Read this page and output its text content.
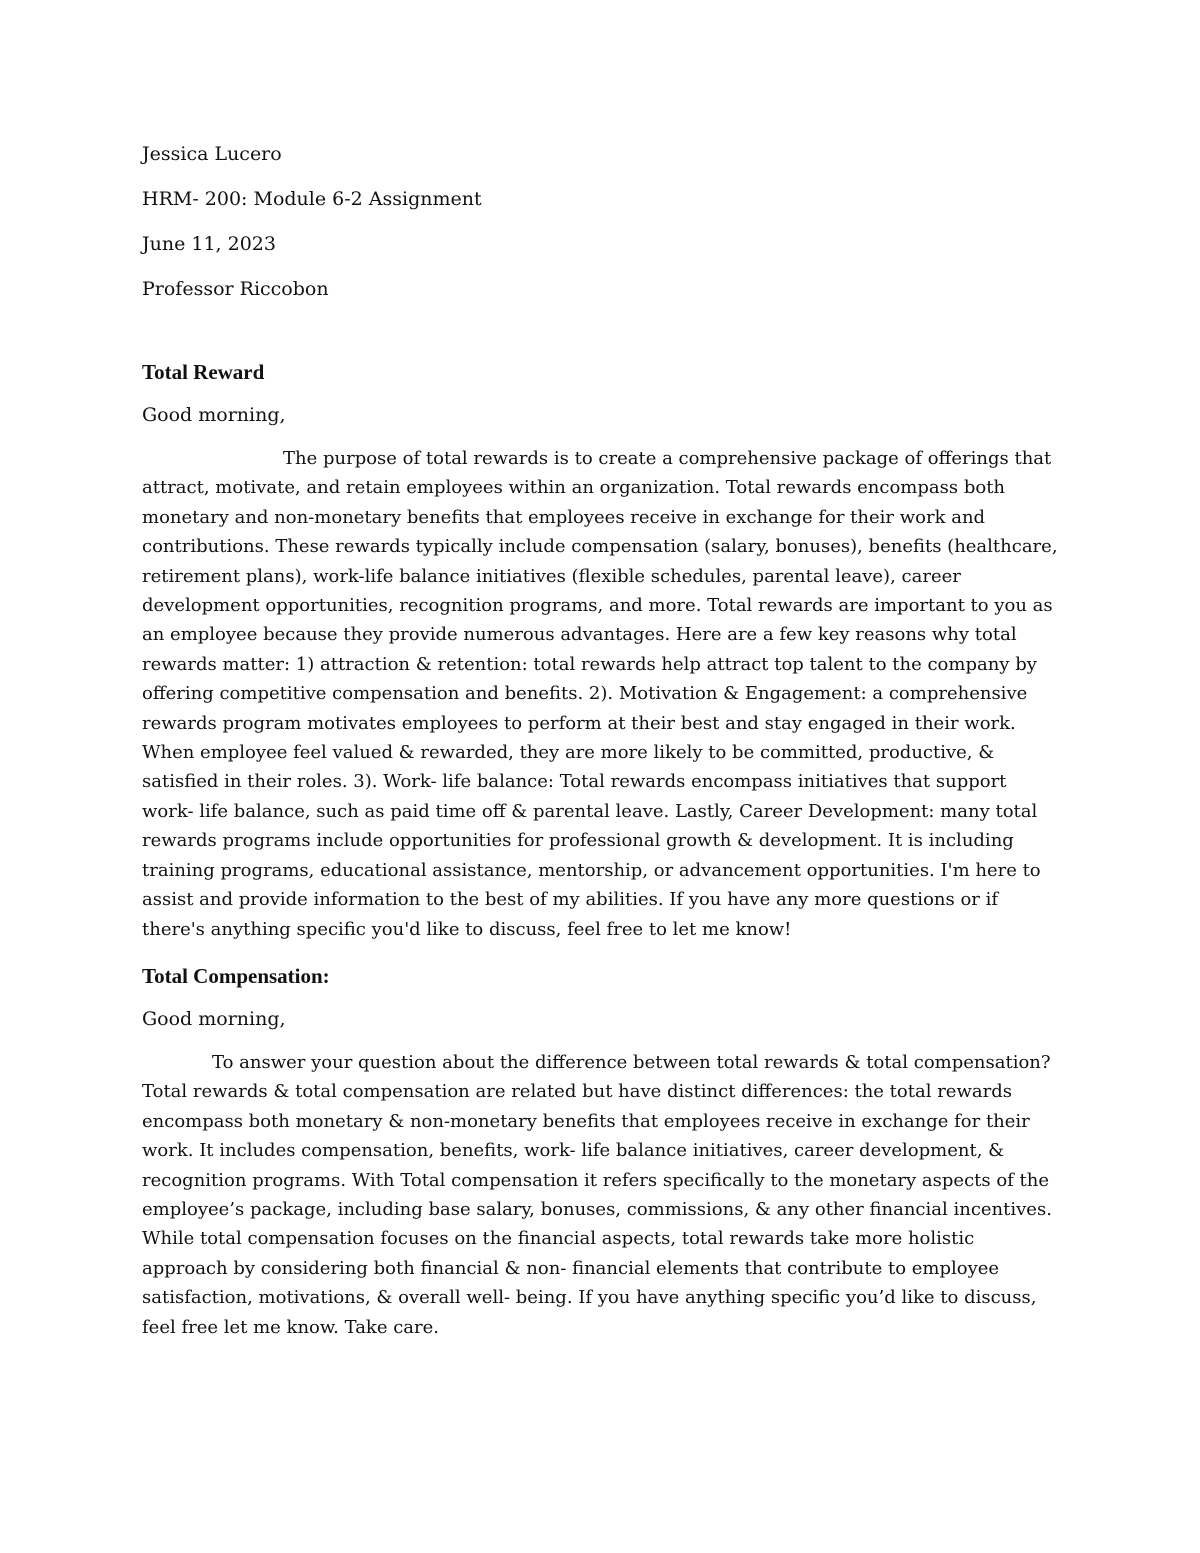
Jessica Lucero

HRM- 200: Module 6-2 Assignment

June 11, 2023

Professor Riccobon

Total Reward

Good morning,

The purpose of total rewards is to create a comprehensive package of offerings that attract, motivate, and retain employees within an organization. Total rewards encompass both monetary and non-monetary benefits that employees receive in exchange for their work and contributions. These rewards typically include compensation (salary, bonuses), benefits (healthcare, retirement plans), work-life balance initiatives (flexible schedules, parental leave), career development opportunities, recognition programs, and more. Total rewards are important to you as an employee because they provide numerous advantages. Here are a few key reasons why total rewards matter: 1) attraction & retention: total rewards help attract top talent to the company by offering competitive compensation and benefits. 2). Motivation & Engagement: a comprehensive rewards program motivates employees to perform at their best and stay engaged in their work. When employee feel valued & rewarded, they are more likely to be committed, productive, & satisfied in their roles. 3). Work- life balance: Total rewards encompass initiatives that support work- life balance, such as paid time off & parental leave. Lastly, Career Development: many total rewards programs include opportunities for professional growth & development. It is including training programs, educational assistance, mentorship, or advancement opportunities. I'm here to assist and provide information to the best of my abilities. If you have any more questions or if there's anything specific you'd like to discuss, feel free to let me know!

Total Compensation:

Good morning,

To answer your question about the difference between total rewards & total compensation? Total rewards & total compensation are related but have distinct differences: the total rewards encompass both monetary & non-monetary benefits that employees receive in exchange for their work. It includes compensation, benefits, work- life balance initiatives, career development, & recognition programs. With Total compensation it refers specifically to the monetary aspects of the employee’s package, including base salary, bonuses, commissions, & any other financial incentives. While total compensation focuses on the financial aspects, total rewards take more holistic approach by considering both financial & non- financial elements that contribute to employee satisfaction, motivations, & overall well- being. If you have anything specific you’d like to discuss, feel free let me know. Take care.
